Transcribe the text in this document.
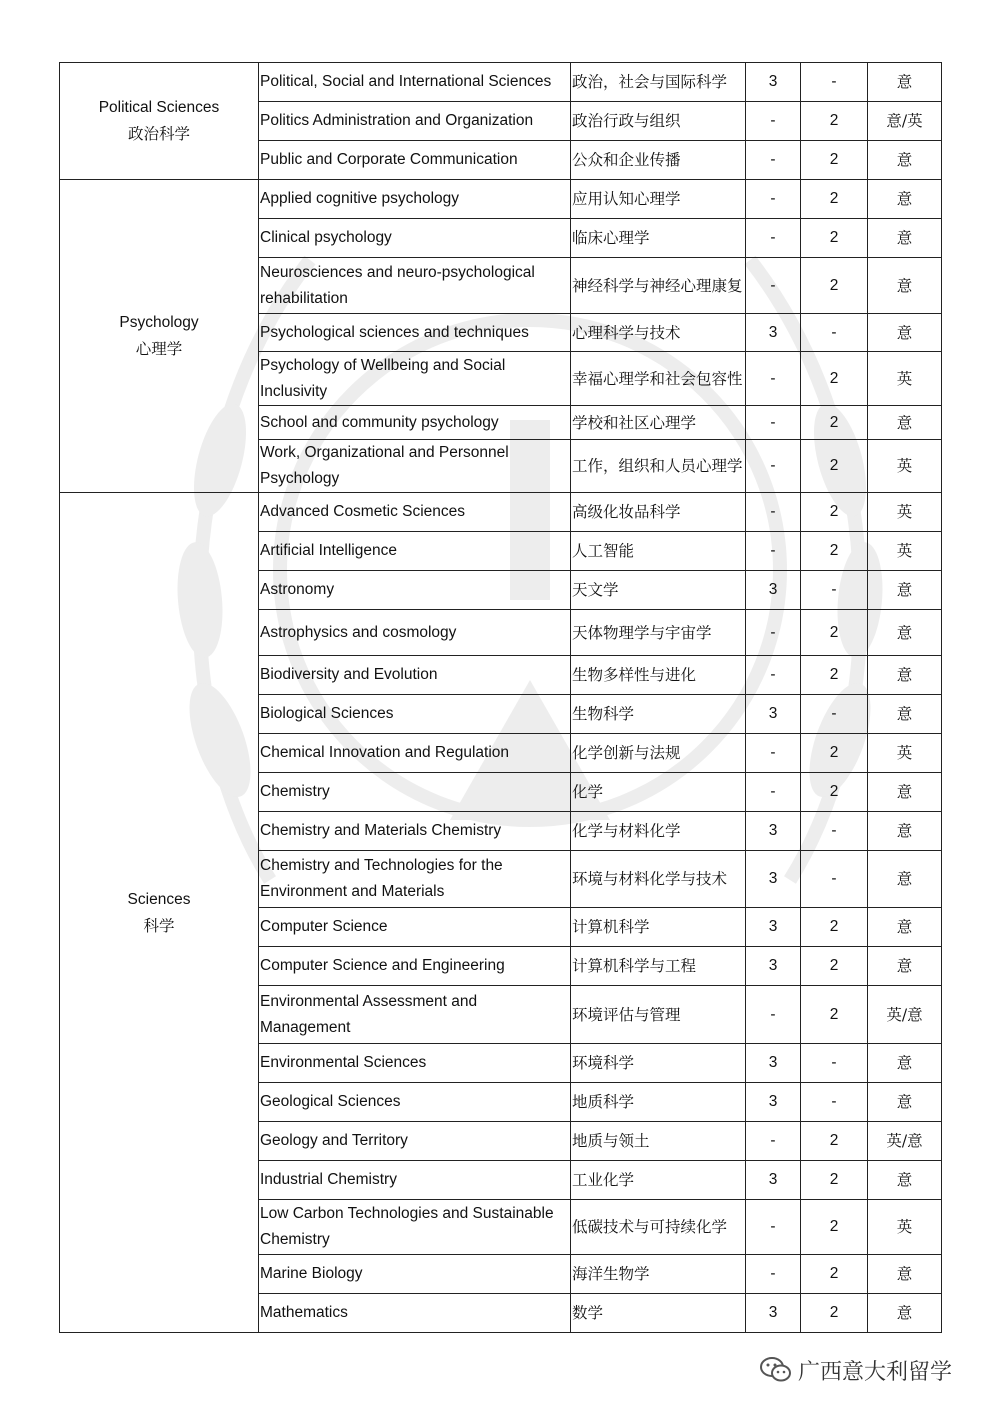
Political Sciences
政治科学	Political, Social and International Sciences	政治，社会与国际科学	3	-	意
	Politics Administration and Organization	政治行政与组织	-	2	意/英
	Public and Corporate Communication	公众和企业传播	-	2	意

Psychology
心理学	Applied cognitive psychology	应用认知心理学	-	2	意
	Clinical psychology	临床心理学	-	2	意
	Neurosciences and neuro-psychological rehabilitation	神经科学与神经心理康复	-	2	意
	Psychological sciences and techniques	心理科学与技术	3	-	意
	Psychology of Wellbeing and Social Inclusivity	幸福心理学和社会包容性	-	2	英
	School and community psychology	学校和社区心理学	-	2	意
	Work, Organizational and Personnel Psychology	工作，组织和人员心理学	-	2	英

Sciences
科学	Advanced Cosmetic Sciences	高级化妆品科学	-	2	英
	Artificial Intelligence	人工智能	-	2	英
	Astronomy	天文学	3	-	意
	Astrophysics and cosmology	天体物理学与宇宙学	-	2	意
	Biodiversity and Evolution	生物多样性与进化	-	2	意
	Biological Sciences	生物科学	3	-	意
	Chemical Innovation and Regulation	化学创新与法规	-	2	英
	Chemistry	化学	-	2	意
	Chemistry and Materials Chemistry	化学与材料化学	3	-	意
	Chemistry and Technologies for the Environment and Materials	环境与材料化学与技术	3	-	意
	Computer Science	计算机科学	3	2	意
	Computer Science and Engineering	计算机科学与工程	3	2	意
	Environmental Assessment and Management	环境评估与管理	-	2	英/意
	Environmental Sciences	环境科学	3	-	意
	Geological Sciences	地质科学	3	-	意
	Geology and Territory	地质与领土	-	2	英/意
	Industrial Chemistry	工业化学	3	2	意
	Low Carbon Technologies and Sustainable Chemistry	低碳技术与可持续化学	-	2	英
	Marine Biology	海洋生物学	-	2	意
	Mathematics	数学	3	2	意
广西意大利留学
